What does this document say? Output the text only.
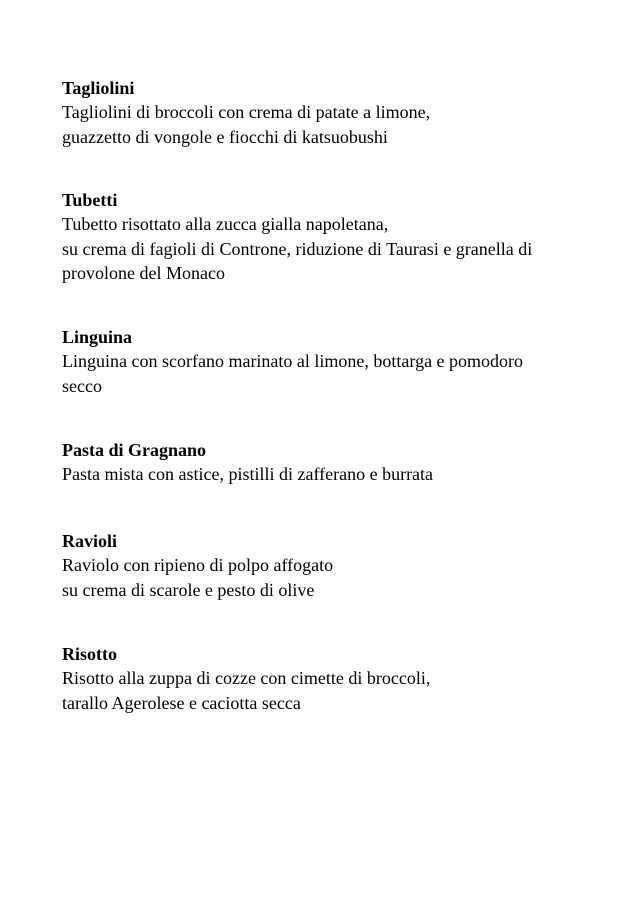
Tagliolini
Tagliolini di broccoli con crema di patate a limone,
guazzetto di vongole e fiocchi di katsuobushi
Tubetti
Tubetto risottato alla zucca gialla napoletana,
su crema di fagioli di Controne, riduzione di Taurasi e granella di
provolone del Monaco
Linguina
Linguina con scorfano marinato al limone, bottarga e pomodoro
secco
Pasta di Gragnano
Pasta mista con astice, pistilli di zafferano e burrata
Ravioli
Raviolo con ripieno di polpo affogato
su crema di scarole e pesto di olive
Risotto
Risotto alla zuppa di cozze con cimette di broccoli,
tarallo Agerolese e caciotta secca
